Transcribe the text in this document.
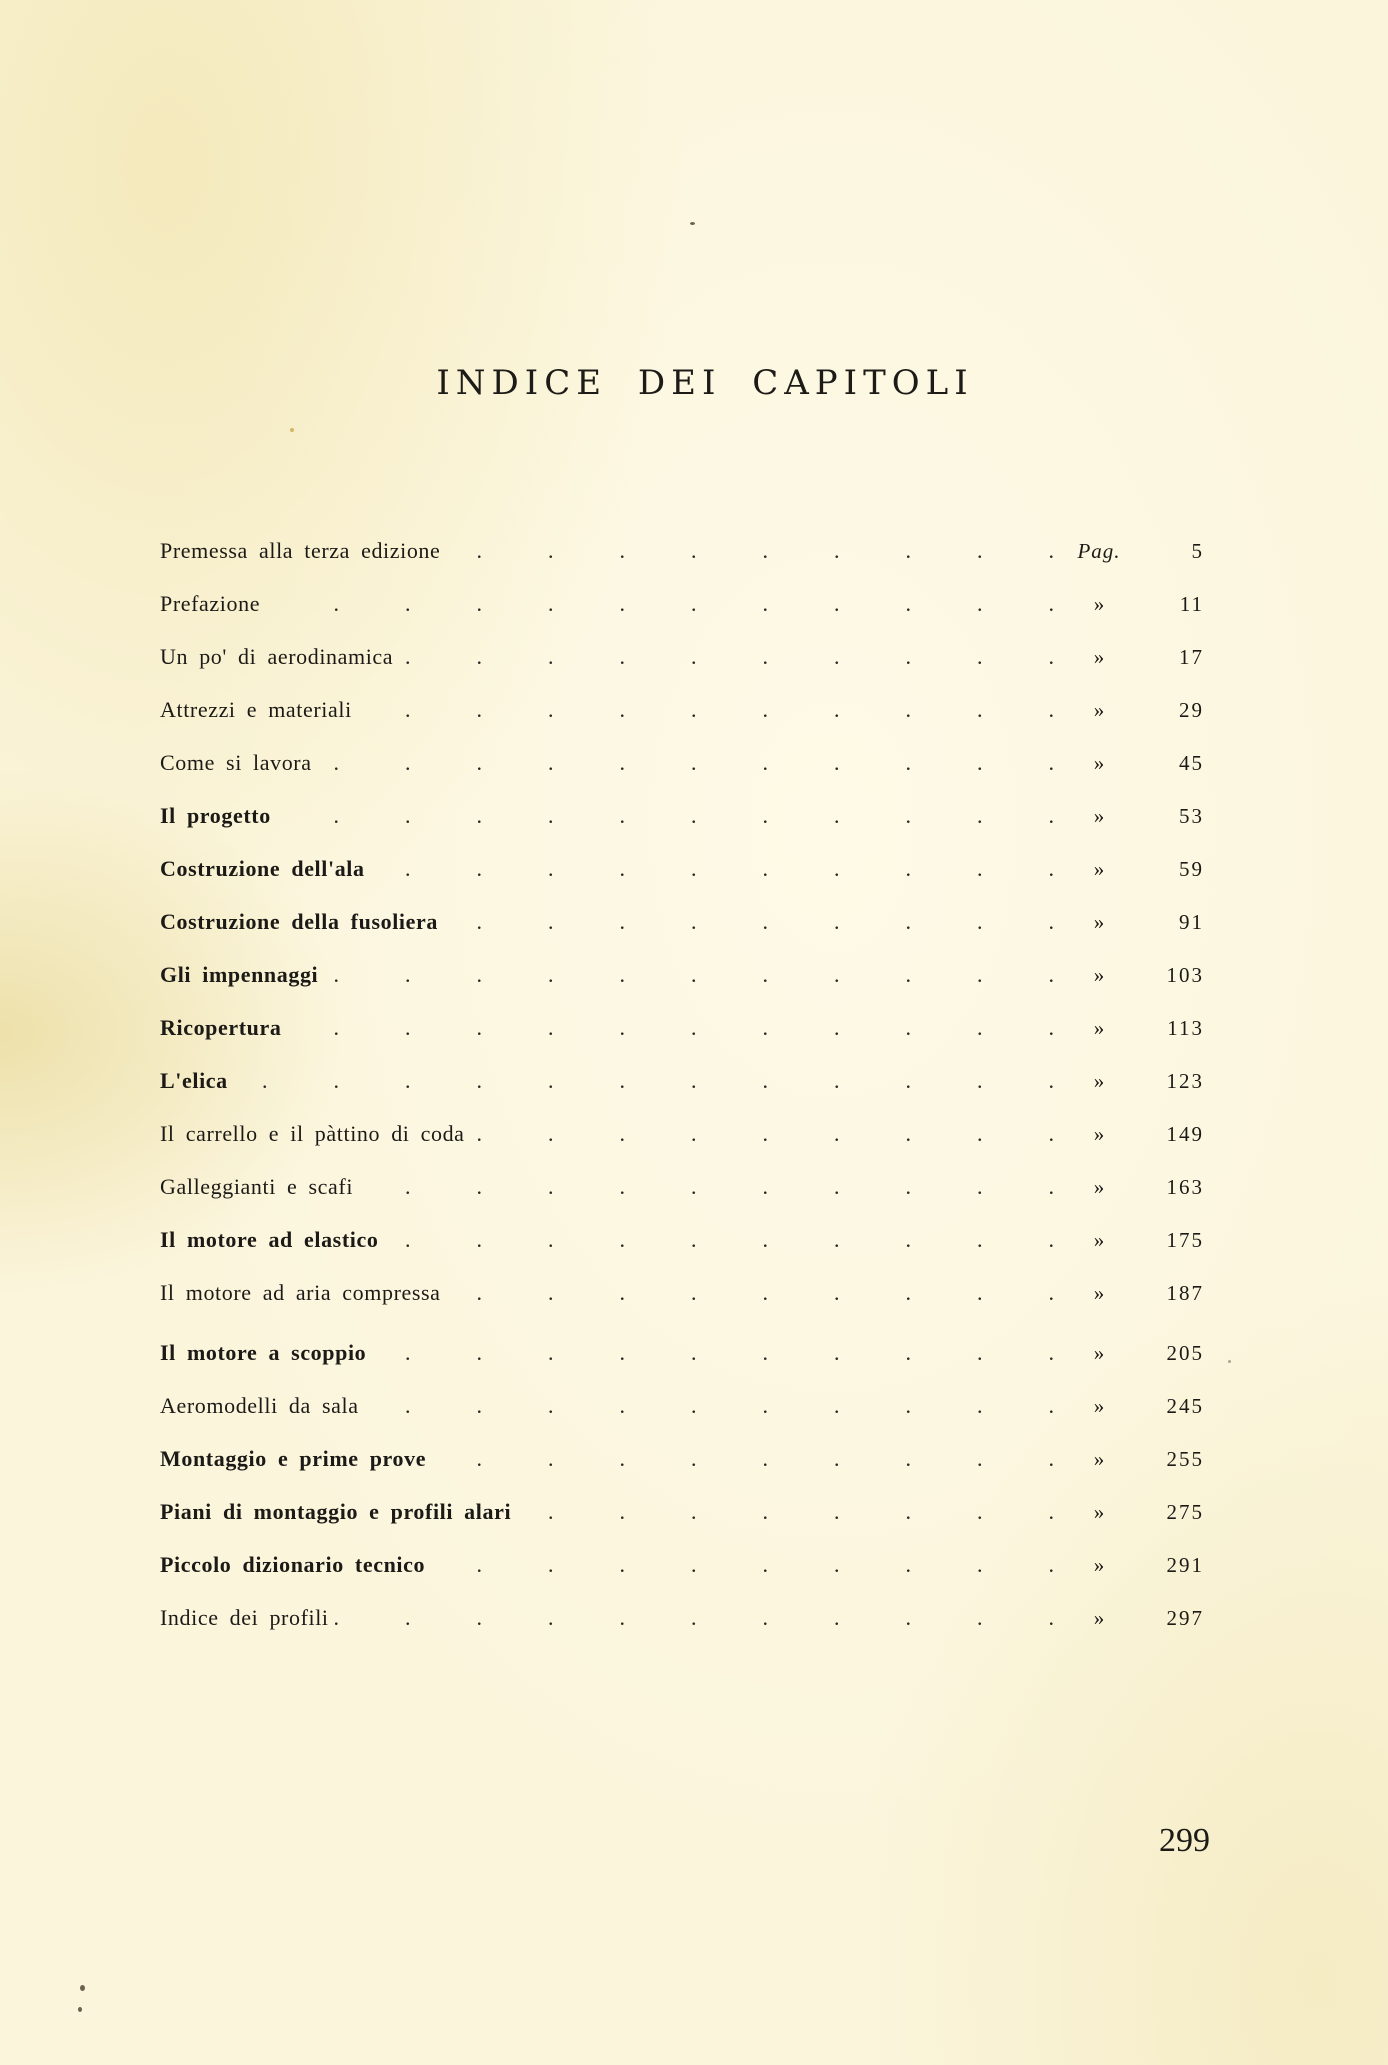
INDICE DEI CAPITOLI
Premessa alla terza edizione .	Pag.	5
Prefazione .	»	11
Un po' di aerodinamica .	»	17
Attrezzi e materiali .	»	29
Come si lavora .	»	45
Il progetto .	»	53
Costruzione dell'ala .	»	59
Costruzione della fusoliera .	»	91
Gli impennaggi .	»	103
Ricopertura .	»	113
L'elica .	»	123
Il carrello e il pàttino di coda .	»	149
Galleggianti e scafi .	»	163
Il motore ad elastico .	»	175
Il motore ad aria compressa .	»	187
Il motore a scoppio .	»	205
Aeromodelli da sala .	»	245
Montaggio e prime prove .	»	255
Piani di montaggio e profili alari .	»	275
Piccolo dizionario tecnico .	»	291
Indice dei profili .	»	297
299
